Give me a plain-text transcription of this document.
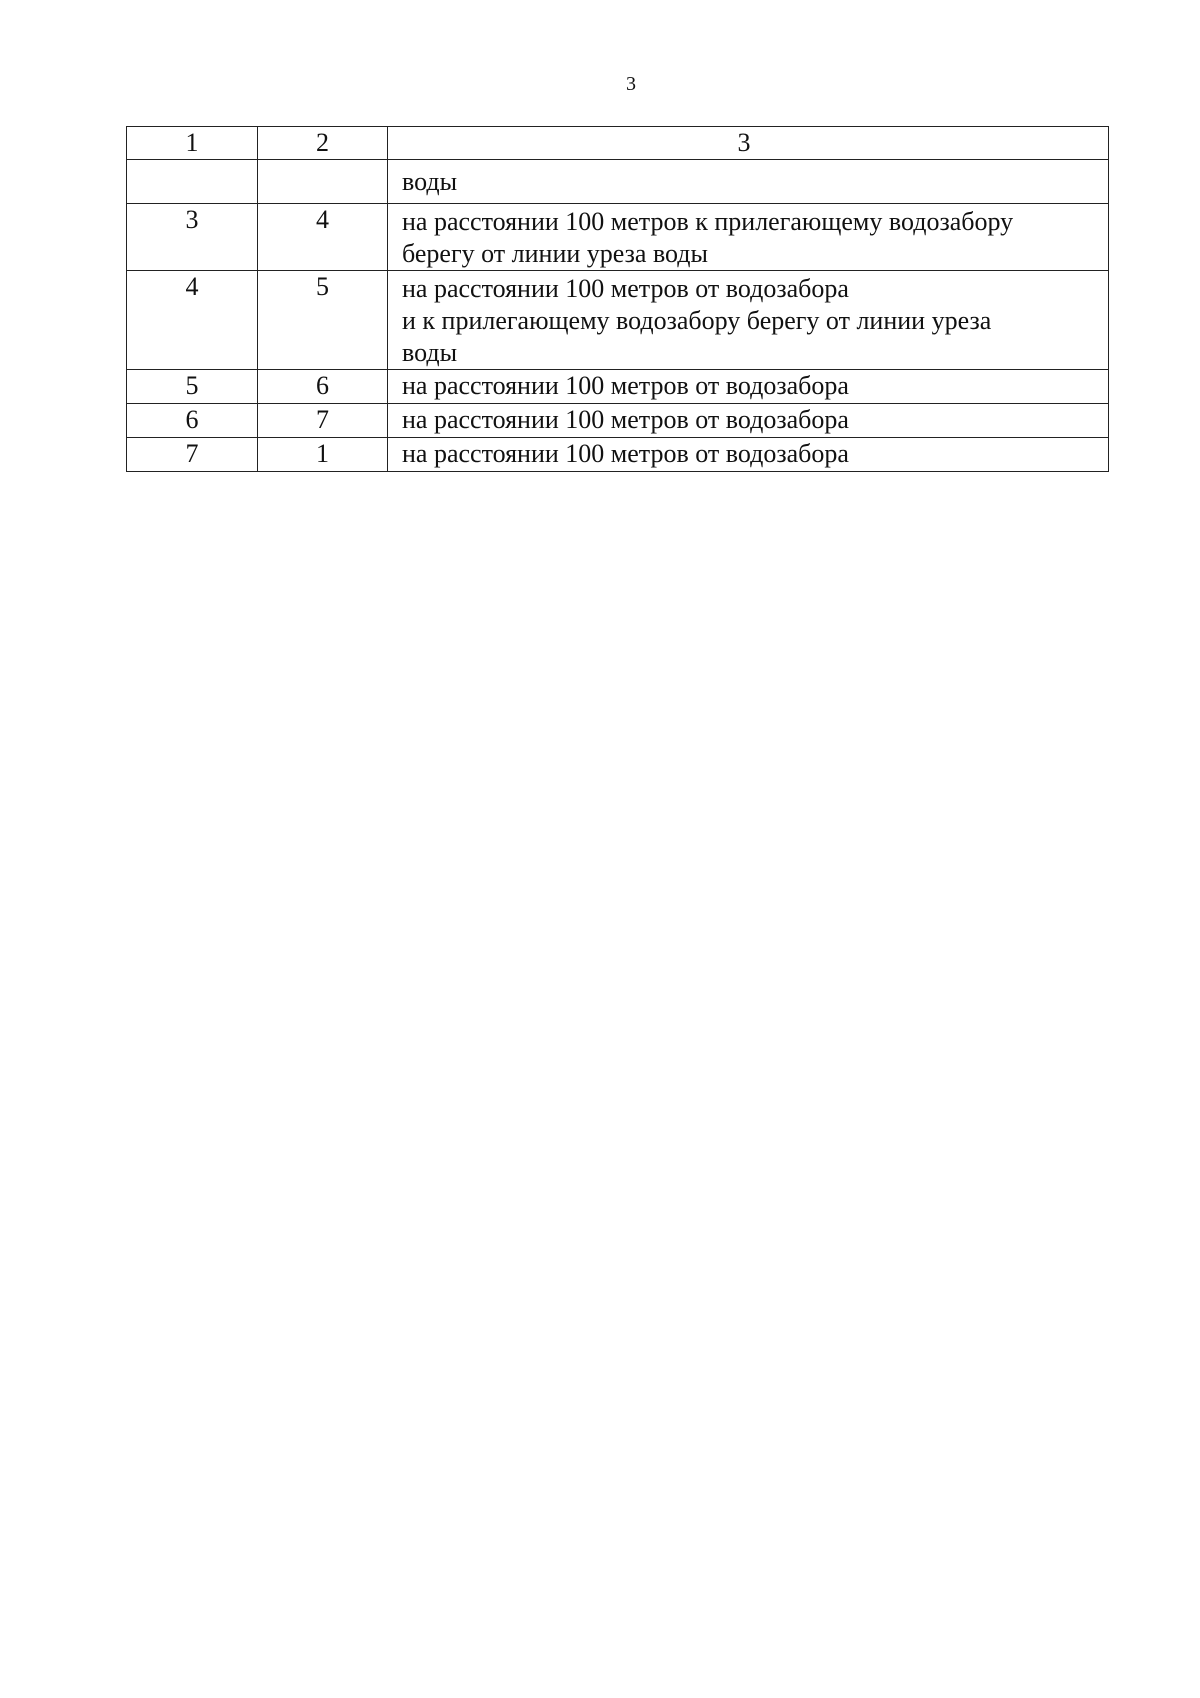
3
1	2	3

		воды

3	4	на расстоянии 100 метров к прилегающему водозабору
берегу от линии уреза воды

4	5	на расстоянии 100 метров от водозабора
и к прилегающему водозабору берегу от линии уреза
воды

5	6	на расстоянии 100 метров от водозабора

6	7	на расстоянии 100 метров от водозабора

7	1	на расстоянии 100 метров от водозабора
